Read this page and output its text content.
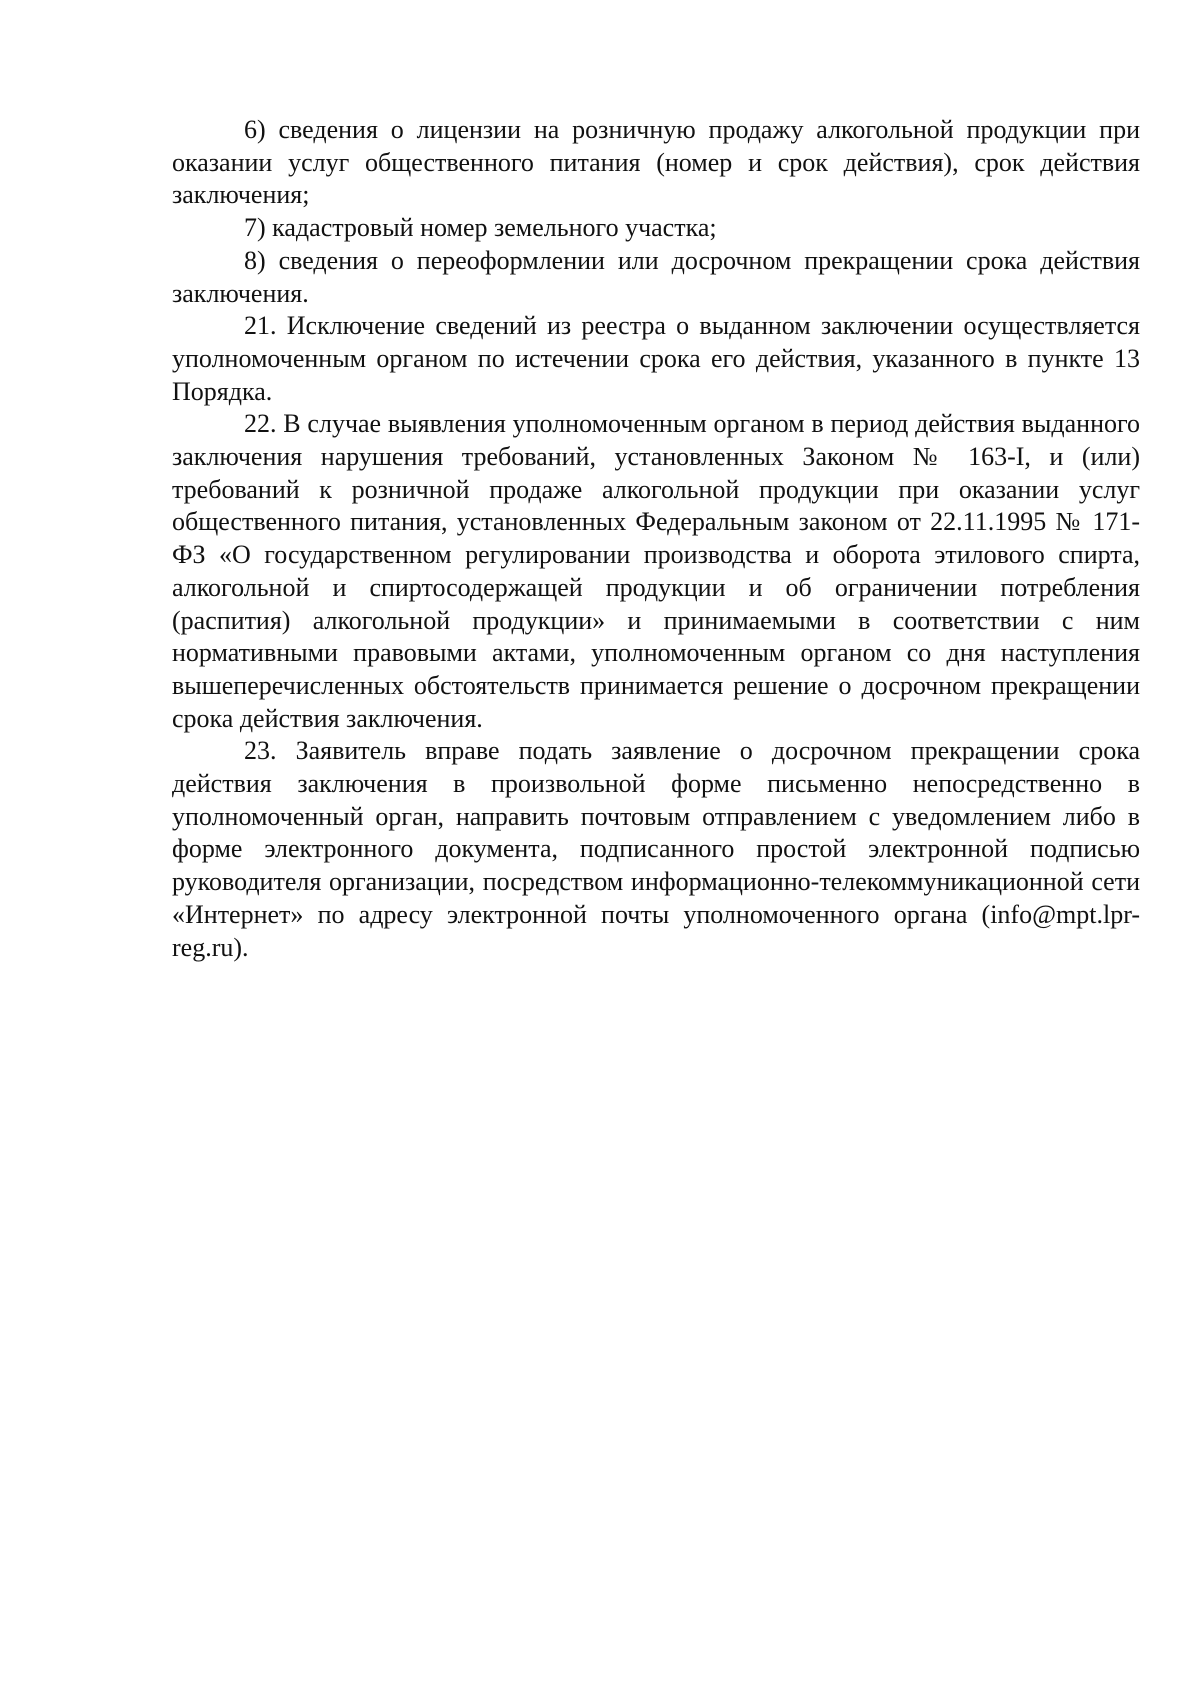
6) сведения о лицензии на розничную продажу алкогольной продукции при оказании услуг общественного питания (номер и срок действия), срок действия заключения;

7) кадастровый номер земельного участка;

8) сведения о переоформлении или досрочном прекращении срока действия заключения.

21. Исключение сведений из реестра о выданном заключении осуществляется уполномоченным органом по истечении срока его действия, указанного в пункте 13 Порядка.

22. В случае выявления уполномоченным органом в период действия выданного заключения нарушения требований, установленных Законом № 163-I, и (или) требований к розничной продаже алкогольной продукции при оказании услуг общественного питания, установленных Федеральным законом от 22.11.1995 № 171-ФЗ «О государственном регулировании производства и оборота этилового спирта, алкогольной и спиртосодержащей продукции и об ограничении потребления (распития) алкогольной продукции» и принимаемыми в соответствии с ним нормативными правовыми актами, уполномоченным органом со дня наступления вышеперечисленных обстоятельств принимается решение о досрочном прекращении срока действия заключения.

23. Заявитель вправе подать заявление о досрочном прекращении срока действия заключения в произвольной форме письменно непосредственно в уполномоченный орган, направить почтовым отправлением с уведомлением либо в форме электронного документа, подписанного простой электронной подписью руководителя организации, посредством информационно-телекоммуникационной сети «Интернет» по адресу электронной почты уполномоченного органа (info@mpt.lpr-reg.ru).
